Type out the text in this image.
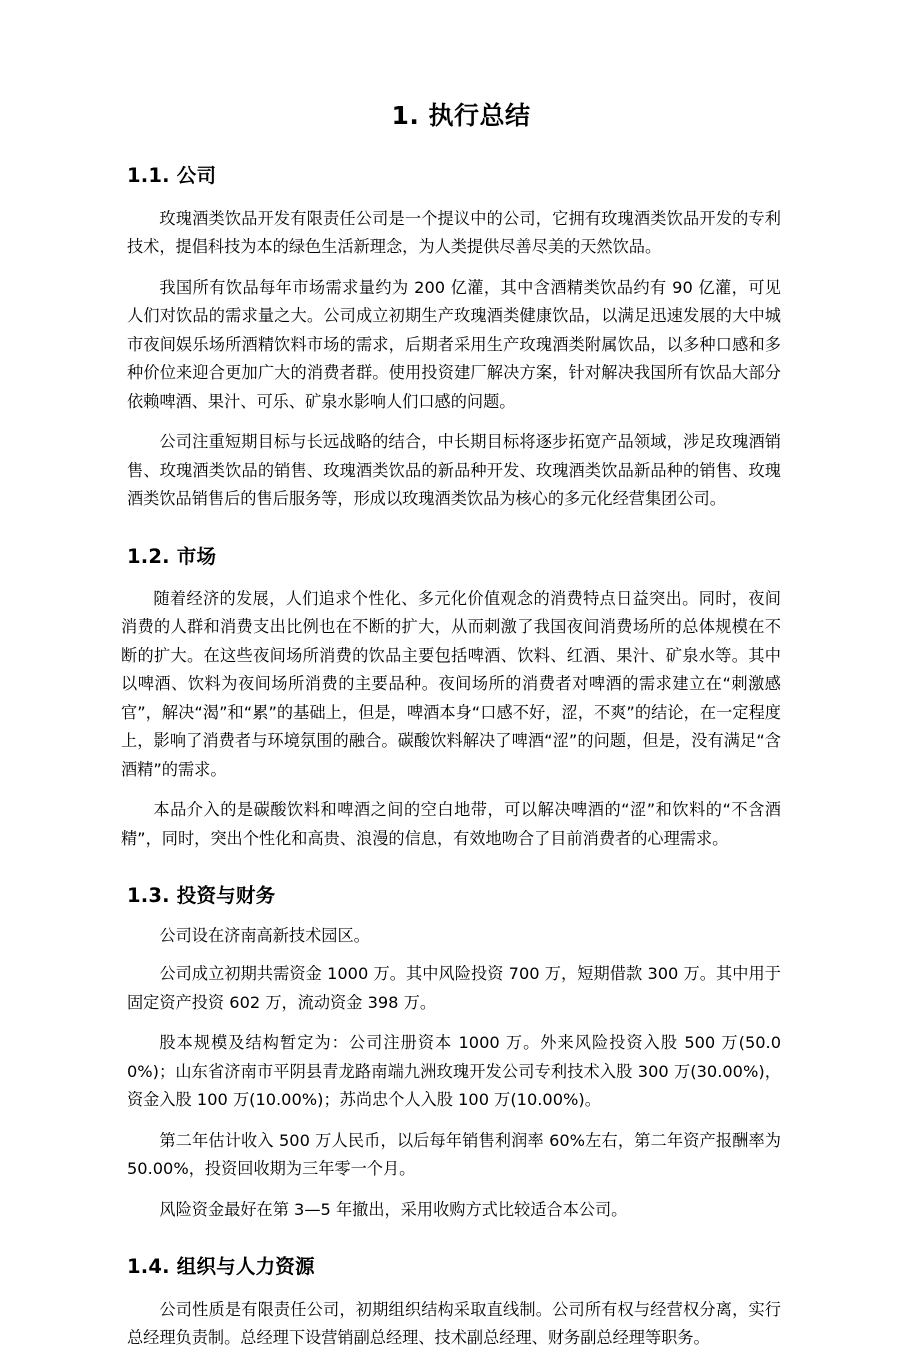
1. 执行总结
1.1. 公司

玫瑰酒类饮品开发有限责任公司是一个提议中的公司，它拥有玫瑰酒类饮品开发的专利技术，提倡科技为本的绿色生活新理念，为人类提供尽善尽美的天然饮品。

我国所有饮品每年市场需求量约为 200 亿灌，其中含酒精类饮品约有 90 亿灌，可见人们对饮品的需求量之大。公司成立初期生产玫瑰酒类健康饮品，以满足迅速发展的大中城市夜间娱乐场所酒精饮料市场的需求，后期者采用生产玫瑰酒类附属饮品，以多种口感和多种价位来迎合更加广大的消费者群。使用投资建厂解决方案，针对解决我国所有饮品大部分依赖啤酒、果汁、可乐、矿泉水影响人们口感的问题。

公司注重短期目标与长远战略的结合，中长期目标将逐步拓宽产品领域，涉足玫瑰酒销售、玫瑰酒类饮品的销售、玫瑰酒类饮品的新品种开发、玫瑰酒类饮品新品种的销售、玫瑰酒类饮品销售后的售后服务等，形成以玫瑰酒类饮品为核心的多元化经营集团公司。

1.2. 市场

随着经济的发展，人们追求个性化、多元化价值观念的消费特点日益突出。同时，夜间消费的人群和消费支出比例也在不断的扩大，从而刺激了我国夜间消费场所的总体规模在不断的扩大。在这些夜间场所消费的饮品主要包括啤酒、饮料、红酒、果汁、矿泉水等。其中以啤酒、饮料为夜间场所消费的主要品种。夜间场所的消费者对啤酒的需求建立在“刺激感官”，解决“渴”和“累”的基础上，但是，啤酒本身“口感不好，涩，不爽”的结论，在一定程度上，影响了消费者与环境氛围的融合。碳酸饮料解决了啤酒“涩”的问题，但是，没有满足“含酒精”的需求。

本品介入的是碳酸饮料和啤酒之间的空白地带，可以解决啤酒的“涩”和饮料的“不含酒精”，同时，突出个性化和高贵、浪漫的信息，有效地吻合了目前消费者的心理需求。

1.3. 投资与财务

公司设在济南高新技术园区。

公司成立初期共需资金 1000 万。其中风险投资 700 万，短期借款 300 万。其中用于固定资产投资 602 万，流动资金 398 万。

股本规模及结构暂定为：公司注册资本 1000 万。外来风险投资入股 500 万(50.00%)；山东省济南市平阴县青龙路南端九洲玫瑰开发公司专利技术入股 300 万(30.00%)，资金入股 100 万(10.00%)；苏尚忠个人入股 100 万(10.00%)。

第二年估计收入 500 万人民币，以后每年销售利润率 60%左右，第二年资产报酬率为 50.00%，投资回收期为三年零一个月。

风险资金最好在第 3—5 年撤出，采用收购方式比较适合本公司。

1.4. 组织与人力资源

公司性质是有限责任公司，初期组织结构采取直线制。公司所有权与经营权分离，实行总经理负责制。总经理下设营销副总经理、技术副总经理、财务副总经理等职务。
